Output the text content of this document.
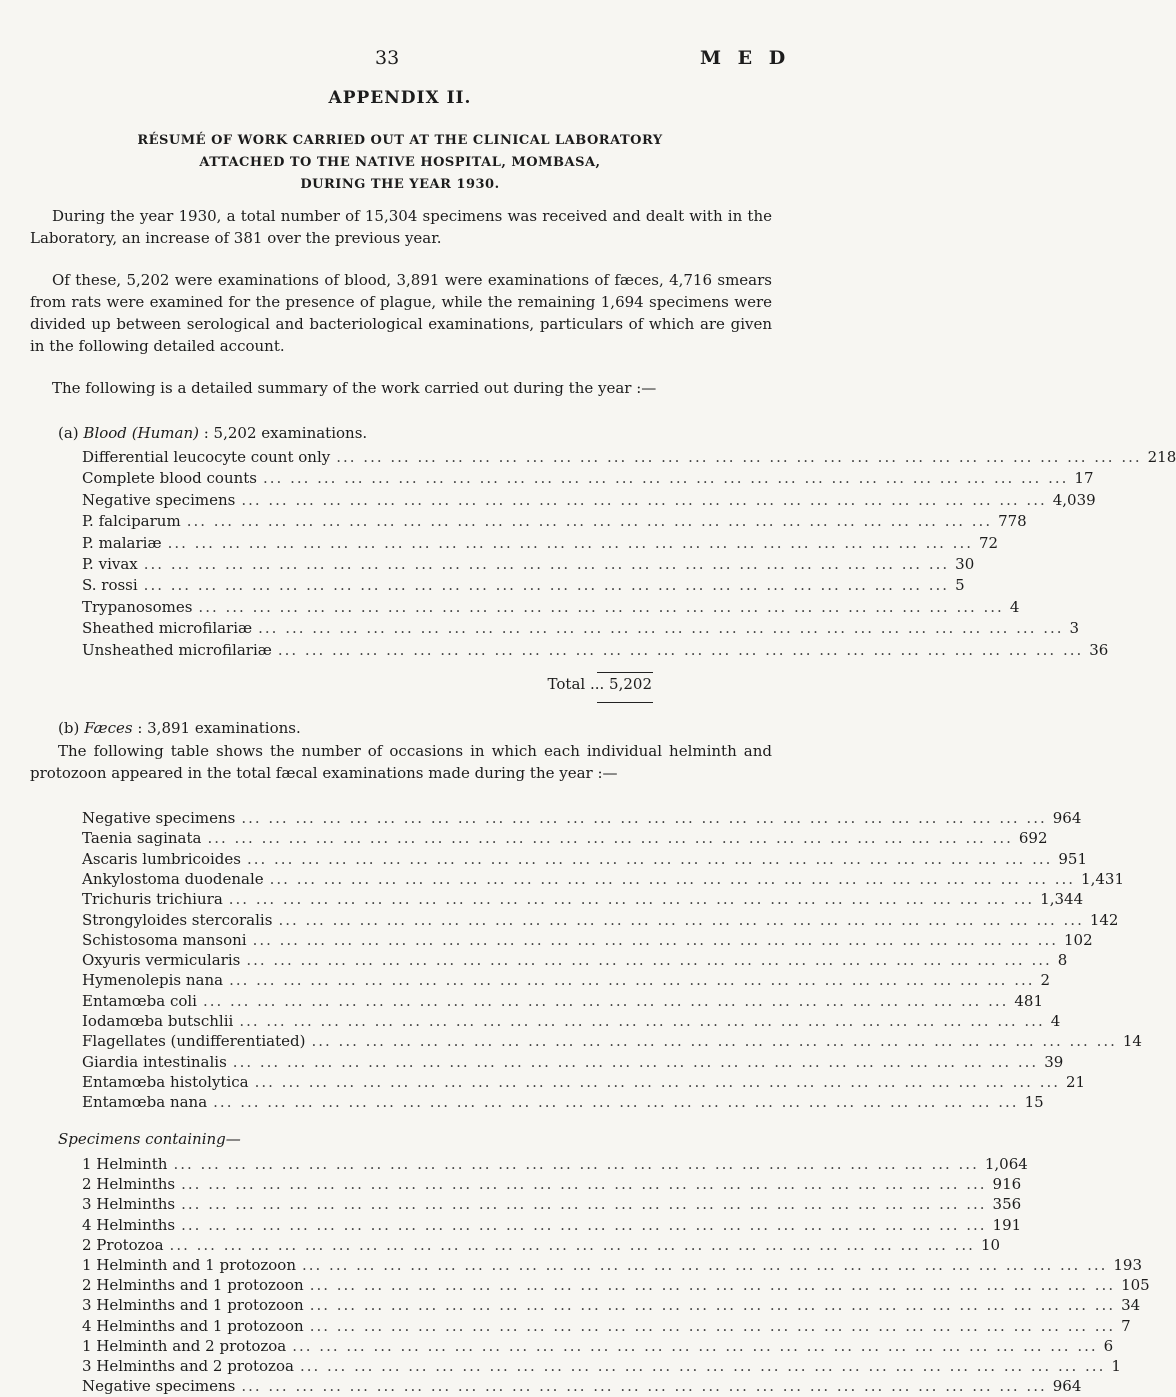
33	M E D
APPENDIX II.
RÉSUMÉ OF WORK CARRIED OUT AT THE CLINICAL LABORATORY
ATTACHED TO THE NATIVE HOSPITAL, MOMBASA,
DURING THE YEAR 1930.
During the year 1930, a total number of 15,304 specimens was received and dealt with in the Laboratory, an increase of 381 over the previous year.
Of these, 5,202 were examinations of blood, 3,891 were examinations of fæces, 4,716 smears from rats were examined for the presence of plague, while the remaining 1,694 specimens were divided up between serological and bacteriological examinations, particulars of which are given in the following detailed account.
The following is a detailed summary of the work carried out during the year :—
(a) Blood (Human) : 5,202 examinations.
Differential leucocyte count only ... ... ... ... ... ... ... ... ... ... ... ... ... ... ... ... ... ... ... ... ... ... ... ... ... ... ... ... ... ... 218
Complete blood counts ... ... ... ... ... ... ... ... ... ... ... ... ... ... ... ... ... ... ... ... ... ... ... ... ... ... ... ... ... ... 17
Negative specimens ... ... ... ... ... ... ... ... ... ... ... ... ... ... ... ... ... ... ... ... ... ... ... ... ... ... ... ... ... ... 4,039
P. falciparum ... ... ... ... ... ... ... ... ... ... ... ... ... ... ... ... ... ... ... ... ... ... ... ... ... ... ... ... ... ... 778
P. malariæ ... ... ... ... ... ... ... ... ... ... ... ... ... ... ... ... ... ... ... ... ... ... ... ... ... ... ... ... ... ... 72
P. vivax ... ... ... ... ... ... ... ... ... ... ... ... ... ... ... ... ... ... ... ... ... ... ... ... ... ... ... ... ... ... 30
S. rossi ... ... ... ... ... ... ... ... ... ... ... ... ... ... ... ... ... ... ... ... ... ... ... ... ... ... ... ... ... ... 5
Trypanosomes ... ... ... ... ... ... ... ... ... ... ... ... ... ... ... ... ... ... ... ... ... ... ... ... ... ... ... ... ... ... 4
Sheathed microfilariæ ... ... ... ... ... ... ... ... ... ... ... ... ... ... ... ... ... ... ... ... ... ... ... ... ... ... ... ... ... ... 3
Unsheathed microfilariæ ... ... ... ... ... ... ... ... ... ... ... ... ... ... ... ... ... ... ... ... ... ... ... ... ... ... ... ... ... ... 36
Total ... 5,202
(b) Fæces : 3,891 examinations.
The following table shows the number of occasions in which each individual helminth and protozoon appeared in the total fæcal examinations made during the year :—
Negative specimens ... ... ... ... ... ... ... ... ... ... ... ... ... ... ... ... ... ... ... ... ... ... ... ... ... ... ... ... ... ... 964
Taenia saginata ... ... ... ... ... ... ... ... ... ... ... ... ... ... ... ... ... ... ... ... ... ... ... ... ... ... ... ... ... ... 692
Ascaris lumbricoides ... ... ... ... ... ... ... ... ... ... ... ... ... ... ... ... ... ... ... ... ... ... ... ... ... ... ... ... ... ... 951
Ankylostoma duodenale ... ... ... ... ... ... ... ... ... ... ... ... ... ... ... ... ... ... ... ... ... ... ... ... ... ... ... ... ... ... 1,431
Trichuris trichiura ... ... ... ... ... ... ... ... ... ... ... ... ... ... ... ... ... ... ... ... ... ... ... ... ... ... ... ... ... ... 1,344
Strongyloides stercoralis ... ... ... ... ... ... ... ... ... ... ... ... ... ... ... ... ... ... ... ... ... ... ... ... ... ... ... ... ... ... 142
Schistosoma mansoni ... ... ... ... ... ... ... ... ... ... ... ... ... ... ... ... ... ... ... ... ... ... ... ... ... ... ... ... ... ... 102
Oxyuris vermicularis ... ... ... ... ... ... ... ... ... ... ... ... ... ... ... ... ... ... ... ... ... ... ... ... ... ... ... ... ... ... 8
Hymenolepis nana ... ... ... ... ... ... ... ... ... ... ... ... ... ... ... ... ... ... ... ... ... ... ... ... ... ... ... ... ... ... 2
Entamœba coli ... ... ... ... ... ... ... ... ... ... ... ... ... ... ... ... ... ... ... ... ... ... ... ... ... ... ... ... ... ... 481
Iodamœba butschlii ... ... ... ... ... ... ... ... ... ... ... ... ... ... ... ... ... ... ... ... ... ... ... ... ... ... ... ... ... ... 4
Flagellates (undifferentiated) ... ... ... ... ... ... ... ... ... ... ... ... ... ... ... ... ... ... ... ... ... ... ... ... ... ... ... ... ... ... 14
Giardia intestinalis ... ... ... ... ... ... ... ... ... ... ... ... ... ... ... ... ... ... ... ... ... ... ... ... ... ... ... ... ... ... 39
Entamœba histolytica ... ... ... ... ... ... ... ... ... ... ... ... ... ... ... ... ... ... ... ... ... ... ... ... ... ... ... ... ... ... 21
Entamœba nana ... ... ... ... ... ... ... ... ... ... ... ... ... ... ... ... ... ... ... ... ... ... ... ... ... ... ... ... ... ... 15
Specimens containing—
1 Helminth ... ... ... ... ... ... ... ... ... ... ... ... ... ... ... ... ... ... ... ... ... ... ... ... ... ... ... ... ... ... 1,064
2 Helminths ... ... ... ... ... ... ... ... ... ... ... ... ... ... ... ... ... ... ... ... ... ... ... ... ... ... ... ... ... ... 916
3 Helminths ... ... ... ... ... ... ... ... ... ... ... ... ... ... ... ... ... ... ... ... ... ... ... ... ... ... ... ... ... ... 356
4 Helminths ... ... ... ... ... ... ... ... ... ... ... ... ... ... ... ... ... ... ... ... ... ... ... ... ... ... ... ... ... ... 191
2 Protozoa ... ... ... ... ... ... ... ... ... ... ... ... ... ... ... ... ... ... ... ... ... ... ... ... ... ... ... ... ... ... 10
1 Helminth and 1 protozoon ... ... ... ... ... ... ... ... ... ... ... ... ... ... ... ... ... ... ... ... ... ... ... ... ... ... ... ... ... ... 193
2 Helminths and 1 protozoon ... ... ... ... ... ... ... ... ... ... ... ... ... ... ... ... ... ... ... ... ... ... ... ... ... ... ... ... ... ... 105
3 Helminths and 1 protozoon ... ... ... ... ... ... ... ... ... ... ... ... ... ... ... ... ... ... ... ... ... ... ... ... ... ... ... ... ... ... 34
4 Helminths and 1 protozoon ... ... ... ... ... ... ... ... ... ... ... ... ... ... ... ... ... ... ... ... ... ... ... ... ... ... ... ... ... ... 7
1 Helminth and 2 protozoa ... ... ... ... ... ... ... ... ... ... ... ... ... ... ... ... ... ... ... ... ... ... ... ... ... ... ... ... ... ... 6
3 Helminths and 2 protozoa ... ... ... ... ... ... ... ... ... ... ... ... ... ... ... ... ... ... ... ... ... ... ... ... ... ... ... ... ... ... 1
Negative specimens ... ... ... ... ... ... ... ... ... ... ... ... ... ... ... ... ... ... ... ... ... ... ... ... ... ... ... ... ... ... 964
